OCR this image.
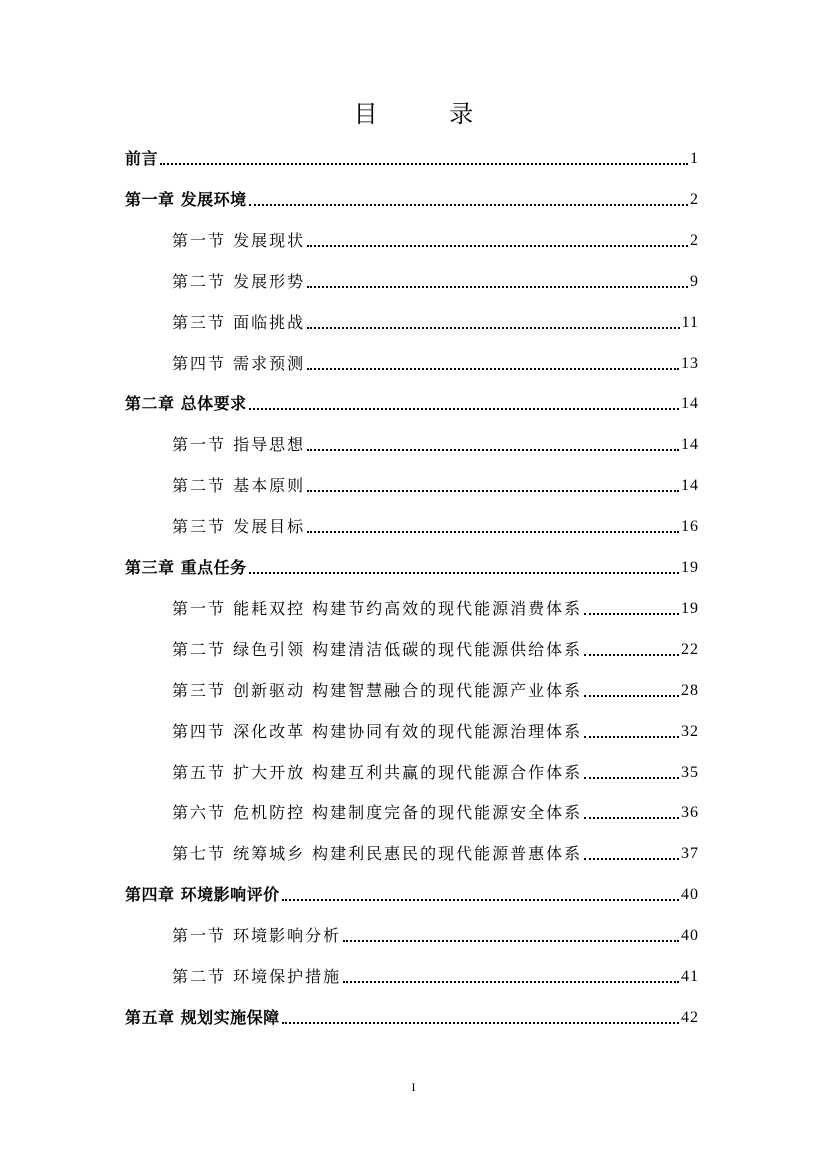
目 录
前言	1
第一章 发展环境	2
第一节 发展现状	2
第二节 发展形势	9
第三节 面临挑战	11
第四节 需求预测	13
第二章 总体要求	14
第一节 指导思想	14
第二节 基本原则	14
第三节 发展目标	16
第三章 重点任务	19
第一节 能耗双控 构建节约高效的现代能源消费体系	19
第二节 绿色引领 构建清洁低碳的现代能源供给体系	22
第三节 创新驱动 构建智慧融合的现代能源产业体系	28
第四节 深化改革 构建协同有效的现代能源治理体系	32
第五节 扩大开放 构建互利共赢的现代能源合作体系	35
第六节 危机防控 构建制度完备的现代能源安全体系	36
第七节 统筹城乡 构建利民惠民的现代能源普惠体系	37
第四章 环境影响评价	40
第一节 环境影响分析	40
第二节 环境保护措施	41
第五章 规划实施保障	42
I
